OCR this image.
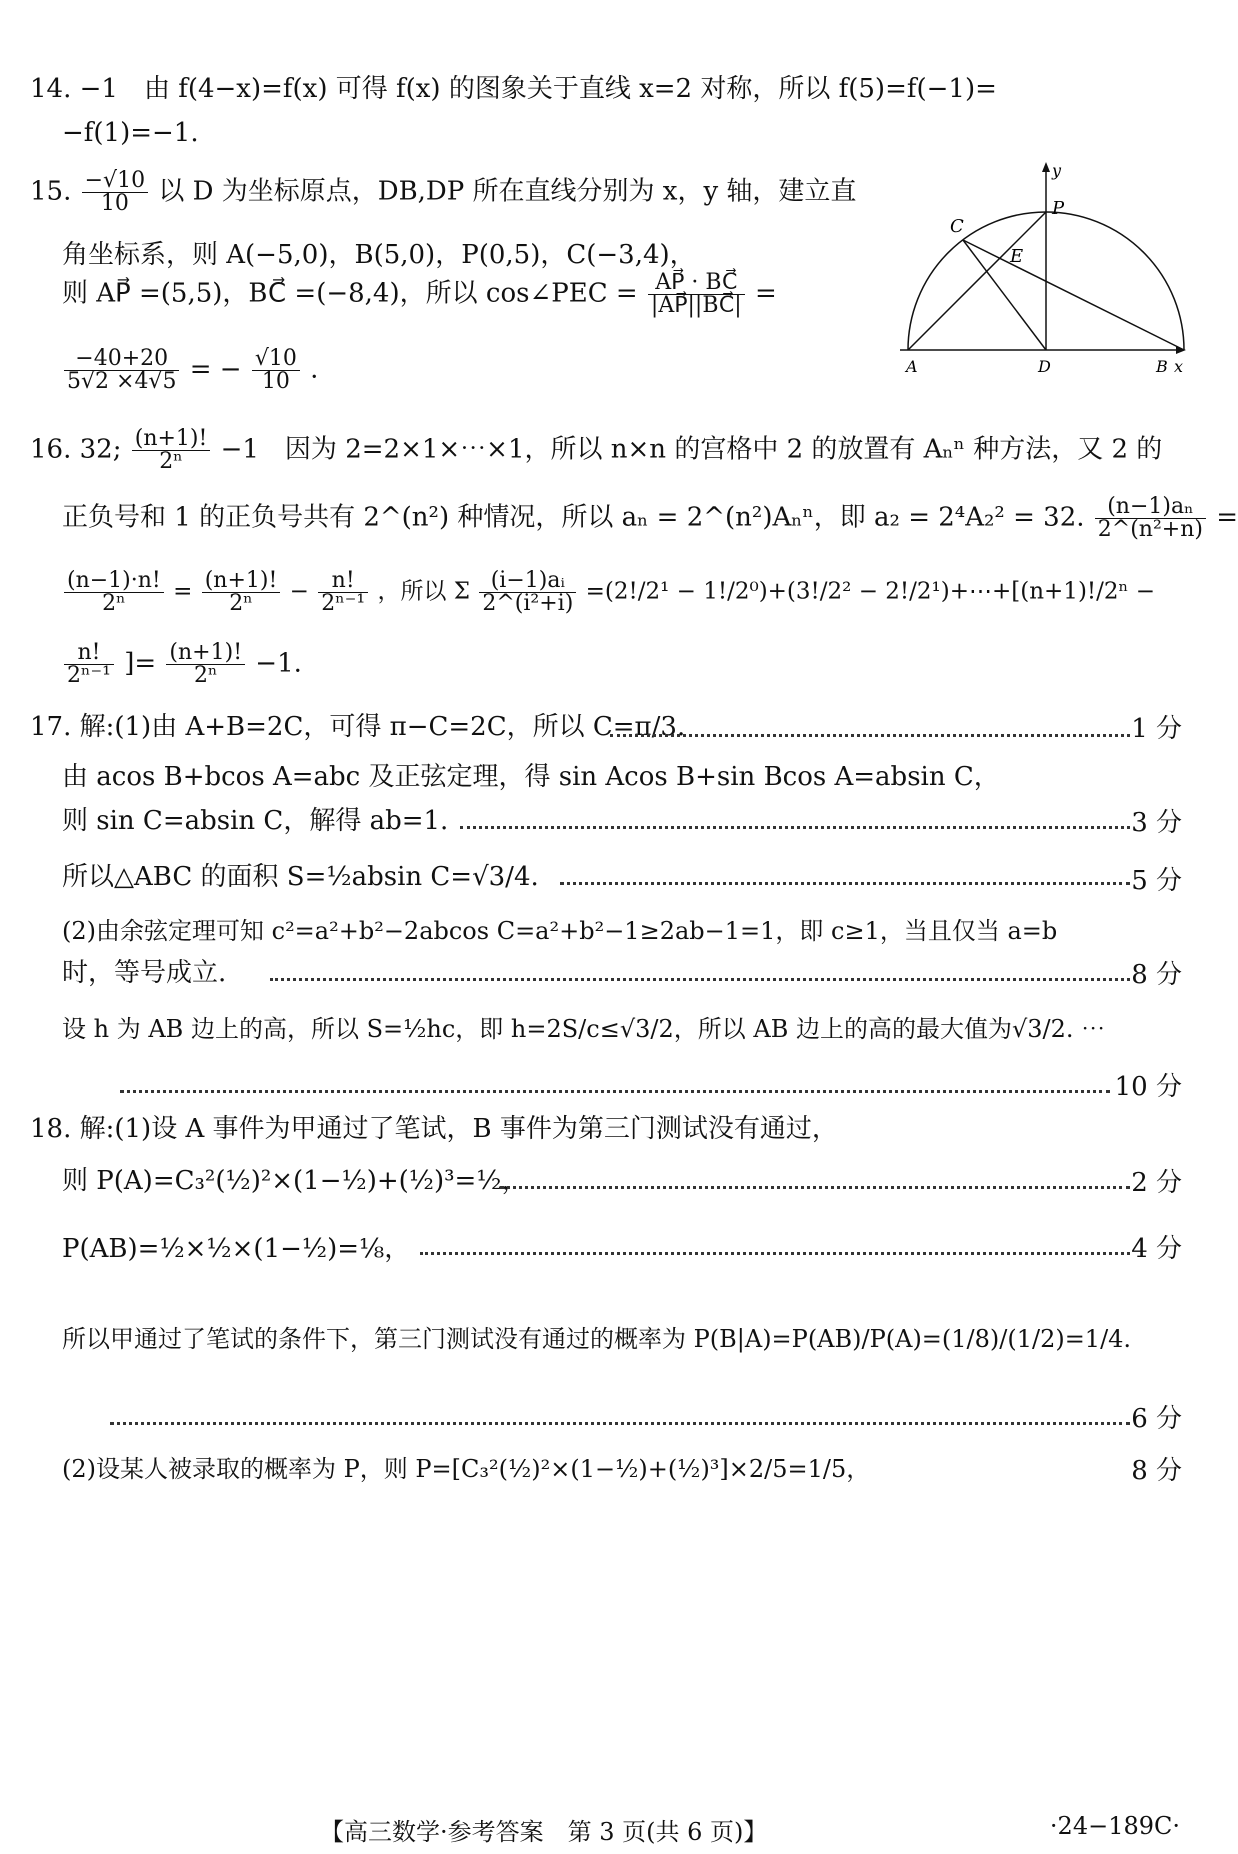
14. −1　由 f(4−x)=f(x) 可得 f(x) 的图象关于直线 x=2 对称，所以 f(5)=f(−1)=
−f(1)=−1.
15. $\frac{-√10}{10}$ 以 D 为坐标原点，DB,DP 所在直线分别为 x，y 轴，建立直
角坐标系，则 A(−5,0)，B(5,0)，P(0,5)，C(−3,4)，
则 AP⃗ =(5,5)，BC⃗ =(−8,4)，所以 cos∠PEC = $\frac{AP⃗ \cdot BC⃗}{|AP⃗||BC⃗|}$ =
$\frac{-40+20}{5√2 \times 4√5}$ = − $\frac{√10}{10}$ .
y
C
P
E
A	D	B x
16. 32; $\frac{(n+1)!}{\text{2ⁿ}} -1$　因为 2=2×1×⋯×1，所以 n×n 的宫格中 2 的放置有 Aₙⁿ 种方法，又 2 的
正负号和 1 的正负号共有 2^(n²) 种情况，所以 aₙ = 2^(n²)Aₙⁿ，即 a₂ = 2⁴A₂² = 32. $\frac{\text{(n−1)aₙ}}{\text{2\textasciicircum{}(n²+n)}}$ =
$\frac{(n-1)\cdot n!}{\text{2ⁿ}} = \frac{(n+1)!}{\text{2ⁿ}} - \frac{n!}{\text{2ⁿ⁻¹}}$ ，所以 Σ $\frac{\text{(i−1)aᵢ}}{\text{2\textasciicircum{}(i²+i)}} =(2!/2^1 - 1!/2^0)+(3!/2^2$ − 2!/2¹)+⋯+[(n+1)!/2ⁿ −
$\frac{n!}{\text{2ⁿ⁻¹}}$ ]= $\frac{(n+1)!}{\text{2ⁿ}} -1$.
17. 解:(1)由 A+B=2C，可得 π−C=2C，所以 C=π/3.	1 分
由 acos B+bcos A=abc 及正弦定理，得 sin Acos B+sin Bcos A=absin C，
则 sin C=absin C，解得 ab=1.	3 分
所以△ABC 的面积 S=½absin C=√3/4.	5 分
(2)由余弦定理可知 c²=a²+b²−2abcos C=a²+b²−1≥2ab−1=1，即 c≥1，当且仅当 a=b
时，等号成立.	8 分
设 h 为 AB 边上的高，所以 S=½hc，即 h=2S/c≤√3/2，所以 AB 边上的高的最大值为√3/2. ⋯
10 分
18. 解:(1)设 A 事件为甲通过了笔试，B 事件为第三门测试没有通过，
则 P(A)=C₃²(½)²×(1−½)+(½)³=½，	2 分
P(AB)=½×½×(1−½)=⅛，	4 分
所以甲通过了笔试的条件下，第三门测试没有通过的概率为 P(B|A)=P(AB)/P(A)=(1/8)/(1/2)=1/4.
6 分
(2)设某人被录取的概率为 P，则 P=[C₃²(½)²×(1−½)+(½)³]×2/5=1/5，	8 分
【高三数学·参考答案　第 3 页(共 6 页)】	·24−189C·
